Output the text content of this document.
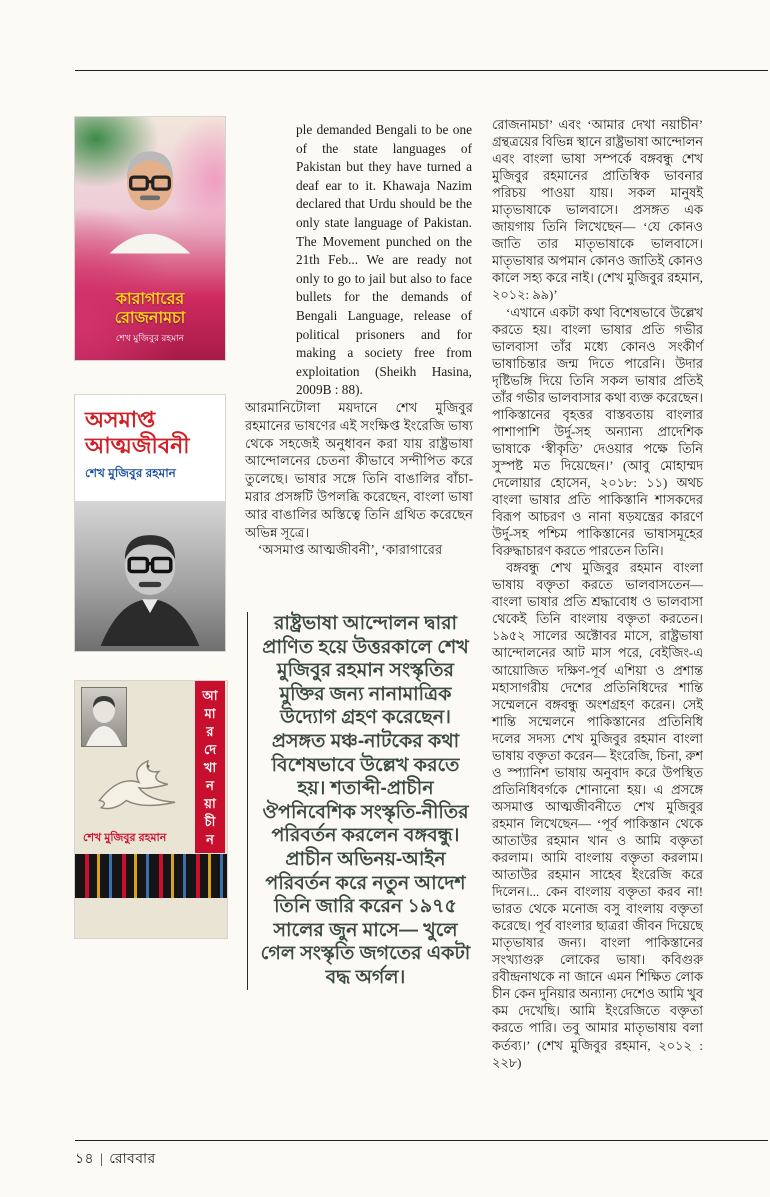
কারাগারের
রোজনামচা
শেখ মুজিবুর রহমান
অসমাপ্ত
আত্মজীবনী
শেখ মুজিবুর রহমান
আ
মা
র
দে
খা
ন
য়া
চী
ন
শেখ মুজিবুর রহমান

ple demanded Bengali to be one of the state languages of Pakistan but they have turned a deaf ear to it. Khawaja Nazim declared that Urdu should be the only state language of Pakistan. The Movement punched on the 21th Feb... We are ready not only to go to jail but also to face bullets for the demands of Bengali Language, release of political prisoners and for making a society free from exploitation (Sheikh Hasina, 2009B : 88).

আরমানিটোলা ময়দানে শেখ মুজিবুর রহমানের ভাষণের এই সংক্ষিপ্ত ইংরেজি ভাষ্য থেকে সহজেই অনুধাবন করা যায় রাষ্ট্রভাষা আন্দোলনের চেতনা কীভাবে সন্দীপিত করে তুলেছে। ভাষার সঙ্গে তিনি বাঙালির বাঁচা-মরার প্রসঙ্গটি উপলব্ধি করেছেন, বাংলা ভাষা আর বাঙালির অস্তিত্বে তিনি গ্রথিত করেছেন অভিন্ন সূত্রে।

‘অসমাপ্ত আত্মজীবনী’, ‘কারাগারের

রাষ্ট্রভাষা আন্দোলন দ্বারা প্রাণিত হয়ে উত্তরকালে শেখ মুজিবুর রহমান সংস্কৃতির মুক্তির জন্য নানামাত্রিক উদ্যোগ গ্রহণ করেছেন। প্রসঙ্গত মঞ্চ-নাটকের কথা বিশেষভাবে উল্লেখ করতে হয়। শতাব্দী-প্রাচীন ঔপনিবেশিক সংস্কৃতি-নীতির পরিবর্তন করলেন বঙ্গবন্ধু। প্রাচীন অভিনয়-আইন পরিবর্তন করে নতুন আদেশ তিনি জারি করেন ১৯৭৫ সালের জুন মাসে— খুলে গেল সংস্কৃতি জগতের একটা বদ্ধ অর্গল।

রোজনামচা’ এবং ‘আমার দেখা নয়াচীন’ গ্রন্থত্রয়ের বিভিন্ন স্থানে রাষ্ট্রভাষা আন্দোলন এবং বাংলা ভাষা সম্পর্কে বঙ্গবন্ধু শেখ মুজিবুর রহমানের প্রাতিস্বিক ভাবনার পরিচয় পাওয়া যায়। সকল মানুষই মাতৃভাষাকে ভালবাসে। প্রসঙ্গত এক জায়গায় তিনি লিখেছেন— ‘যে কোনও জাতি তার মাতৃভাষাকে ভালবাসে। মাতৃভাষার অপমান কোনও জাতিই কোনও কালে সহ্য করে নাই। (শেখ মুজিবুর রহমান, ২০১২: ৯৯)’

‘এখানে একটা কথা বিশেষভাবে উল্লেখ করতে হয়। বাংলা ভাষার প্রতি গভীর ভালবাসা তাঁর মধ্যে কোনও সংকীর্ণ ভাষাচিন্তার জন্ম দিতে পারেনি। উদার দৃষ্টিভঙ্গি দিয়ে তিনি সকল ভাষার প্রতিই তাঁর গভীর ভালবাসার কথা ব্যক্ত করেছেন। পাকিস্তানের বৃহত্তর বাস্তবতায় বাংলার পাশাপাশি উর্দু-সহ অন্যান্য প্রাদেশিক ভাষাকে ‘স্বীকৃতি’ দেওয়ার পক্ষে তিনি সুস্পষ্ট মত দিয়েছেন।’ (আবু মোহাম্মদ দেলোয়ার হোসেন, ২০১৮: ১১) অথচ বাংলা ভাষার প্রতি পাকিস্তানি শাসকদের বিরূপ আচরণ ও নানা ষড়যন্ত্রের কারণে উর্দু-সহ পশ্চিম পাকিস্তানের ভাষাসমূহের বিরুদ্ধাচারণ করতে পারতেন তিনি।

বঙ্গবন্ধু শেখ মুজিবুর রহমান বাংলা ভাষায় বক্তৃতা করতে ভালবাসতেন— বাংলা ভাষার প্রতি শ্রদ্ধাবোধ ও ভালবাসা থেকেই তিনি বাংলায় বক্তৃতা করতেন। ১৯৫২ সালের অক্টোবর মাসে, রাষ্ট্রভাষা আন্দোলনের আট মাস পরে, বেইজিং-এ আয়োজিত দক্ষিণ-পূর্ব এশিয়া ও প্রশান্ত মহাসাগরীয় দেশের প্রতিনিধিদের শান্তি সম্মেলনে বঙ্গবন্ধু অংশগ্রহণ করেন। সেই শান্তি সম্মেলনে পাকিস্তানের প্রতিনিধি দলের সদস্য শেখ মুজিবুর রহমান বাংলা ভাষায় বক্তৃতা করেন— ইংরেজি, চিনা, রুশ ও স্প্যানিশ ভাষায় অনুবাদ করে উপস্থিত প্রতিনিধিবর্গকে শোনানো হয়। এ প্রসঙ্গে অসমাপ্ত আত্মজীবনীতে শেখ মুজিবুর রহমান লিখেছেন— ‘পূর্ব পাকিস্তান থেকে আতাউর রহমান খান ও আমি বক্তৃতা করলাম। আমি বাংলায় বক্তৃতা করলাম। আতাউর রহমান সাহেব ইংরেজি করে দিলেন।... কেন বাংলায় বক্তৃতা করব না! ভারত থেকে মনোজ বসু বাংলায় বক্তৃতা করেছে। পূর্ব বাংলার ছাত্ররা জীবন দিয়েছে মাতৃভাষার জন্য। বাংলা পাকিস্তানের সংখ্যাগুরু লোকের ভাষা। কবিগুরু রবীন্দ্রনাথকে না জানে এমন শিক্ষিত লোক চীন কেন দুনিয়ার অন্যান্য দেশেও আমি খুব কম দেখেছি। আমি ইংরেজিতে বক্তৃতা করতে পারি। তবু আমার মাতৃভাষায় বলা কর্তব্য।’ (শেখ মুজিবুর রহমান, ২০১২ : ২২৮)

১৪ | রোববার
